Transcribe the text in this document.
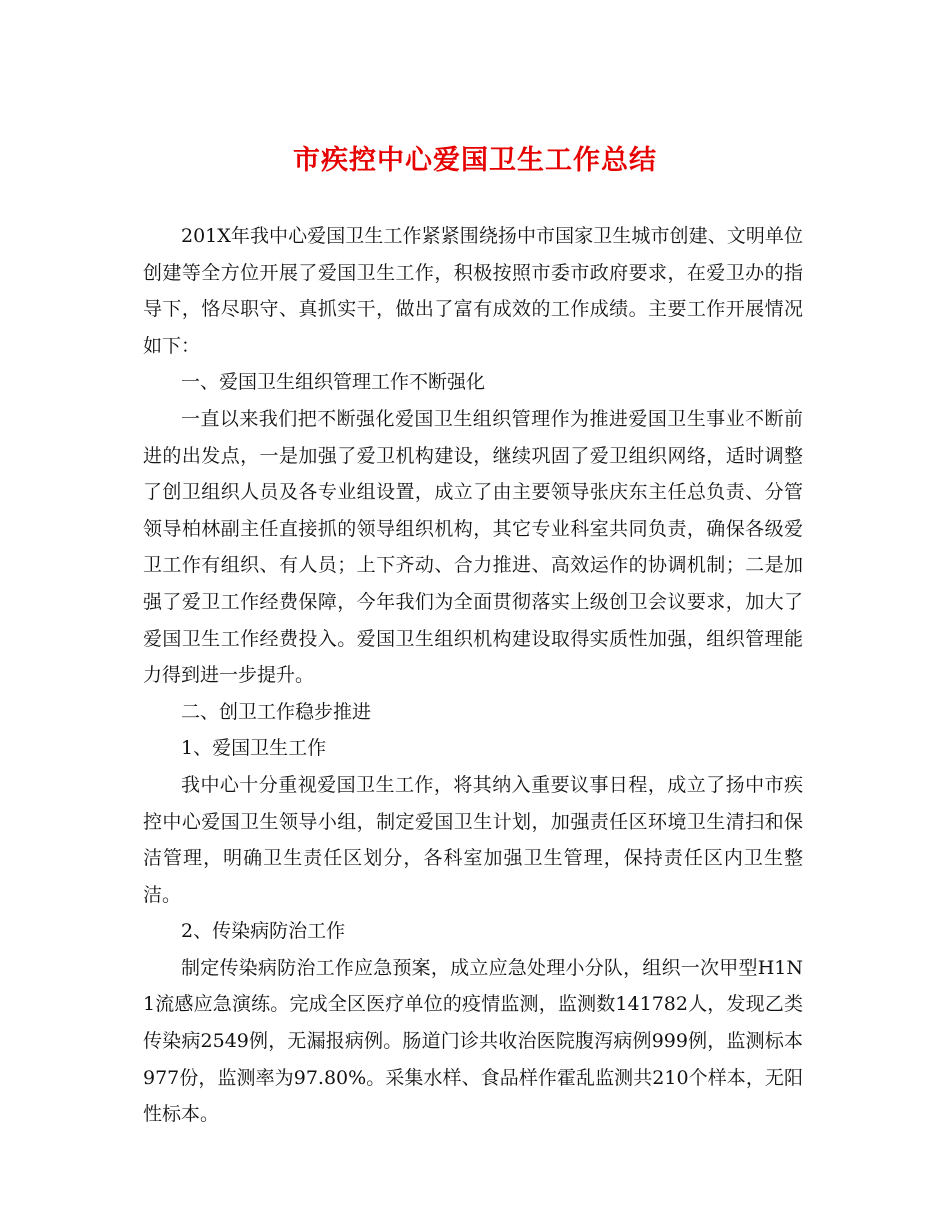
市疾控中心爱国卫生工作总结

201X年我中心爱国卫生工作紧紧围绕扬中市国家卫生城市创建、文明单位创建等全方位开展了爱国卫生工作，积极按照市委市政府要求，在爱卫办的指导下，恪尽职守、真抓实干，做出了富有成效的工作成绩。主要工作开展情况如下：

一、爱国卫生组织管理工作不断强化

一直以来我们把不断强化爱国卫生组织管理作为推进爱国卫生事业不断前进的出发点，一是加强了爱卫机构建设，继续巩固了爱卫组织网络，适时调整了创卫组织人员及各专业组设置，成立了由主要领导张庆东主任总负责、分管领导柏林副主任直接抓的领导组织机构，其它专业科室共同负责，确保各级爱卫工作有组织、有人员；上下齐动、合力推进、高效运作的协调机制；二是加强了爱卫工作经费保障，今年我们为全面贯彻落实上级创卫会议要求，加大了爱国卫生工作经费投入。爱国卫生组织机构建设取得实质性加强，组织管理能力得到进一步提升。

二、创卫工作稳步推进

1、爱国卫生工作

我中心十分重视爱国卫生工作，将其纳入重要议事日程，成立了扬中市疾控中心爱国卫生领导小组，制定爱国卫生计划，加强责任区环境卫生清扫和保洁管理，明确卫生责任区划分，各科室加强卫生管理，保持责任区内卫生整洁。

2、传染病防治工作

制定传染病防治工作应急预案，成立应急处理小分队，组织一次甲型H1N1流感应急演练。完成全区医疗单位的疫情监测，监测数141782人，发现乙类传染病2549例，无漏报病例。肠道门诊共收治医院腹泻病例999例，监测标本977份，监测率为97.80%。采集水样、食品样作霍乱监测共210个样本，无阳性标本。
